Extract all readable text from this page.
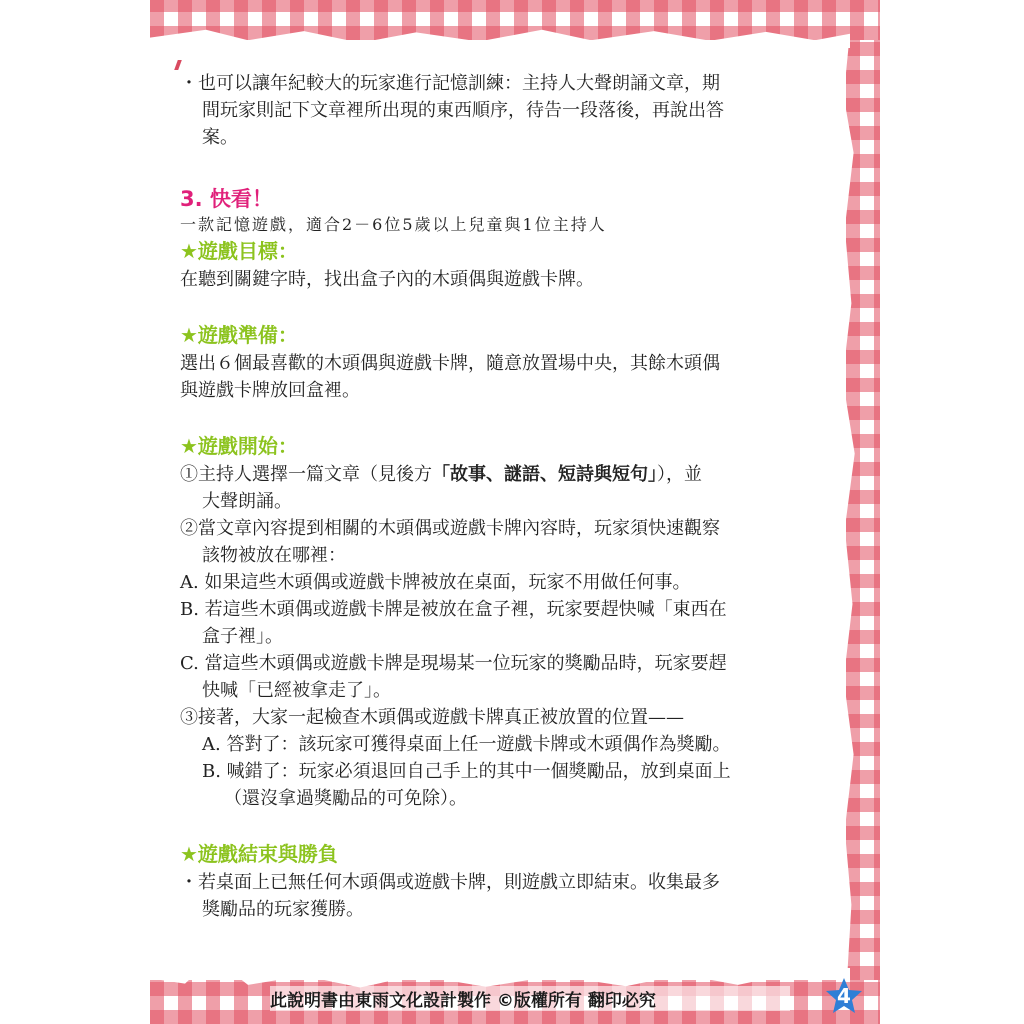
・也可以讓年紀較大的玩家進行記憶訓練：主持人大聲朗誦文章，期
間玩家則記下文章裡所出現的東西順序，待告一段落後，再說出答
案。
3. 快看！
一款記憶遊戲，適合2－6位5歲以上兒童與1位主持人
★遊戲目標：
在聽到關鍵字時，找出盒子內的木頭偶與遊戲卡牌。
★遊戲準備：
選出６個最喜歡的木頭偶與遊戲卡牌，隨意放置場中央，其餘木頭偶
與遊戲卡牌放回盒裡。
★遊戲開始：
①主持人選擇一篇文章（見後方「故事、謎語、短詩與短句」），並
大聲朗誦。
②當文章內容提到相關的木頭偶或遊戲卡牌內容時，玩家須快速觀察
該物被放在哪裡：
A. 如果這些木頭偶或遊戲卡牌被放在桌面，玩家不用做任何事。
B. 若這些木頭偶或遊戲卡牌是被放在盒子裡，玩家要趕快喊「東西在
盒子裡」。
C. 當這些木頭偶或遊戲卡牌是現場某一位玩家的獎勵品時，玩家要趕
快喊「已經被拿走了」。
③接著，大家一起檢查木頭偶或遊戲卡牌真正被放置的位置——
A. 答對了：該玩家可獲得桌面上任一遊戲卡牌或木頭偶作為獎勵。
B. 喊錯了：玩家必須退回自己手上的其中一個獎勵品，放到桌面上
（還沒拿過獎勵品的可免除）。
★遊戲結束與勝負
・若桌面上已無任何木頭偶或遊戲卡牌，則遊戲立即結束。收集最多
獎勵品的玩家獲勝。
此說明書由東雨文化設計製作 ©版權所有 翻印必究	4
